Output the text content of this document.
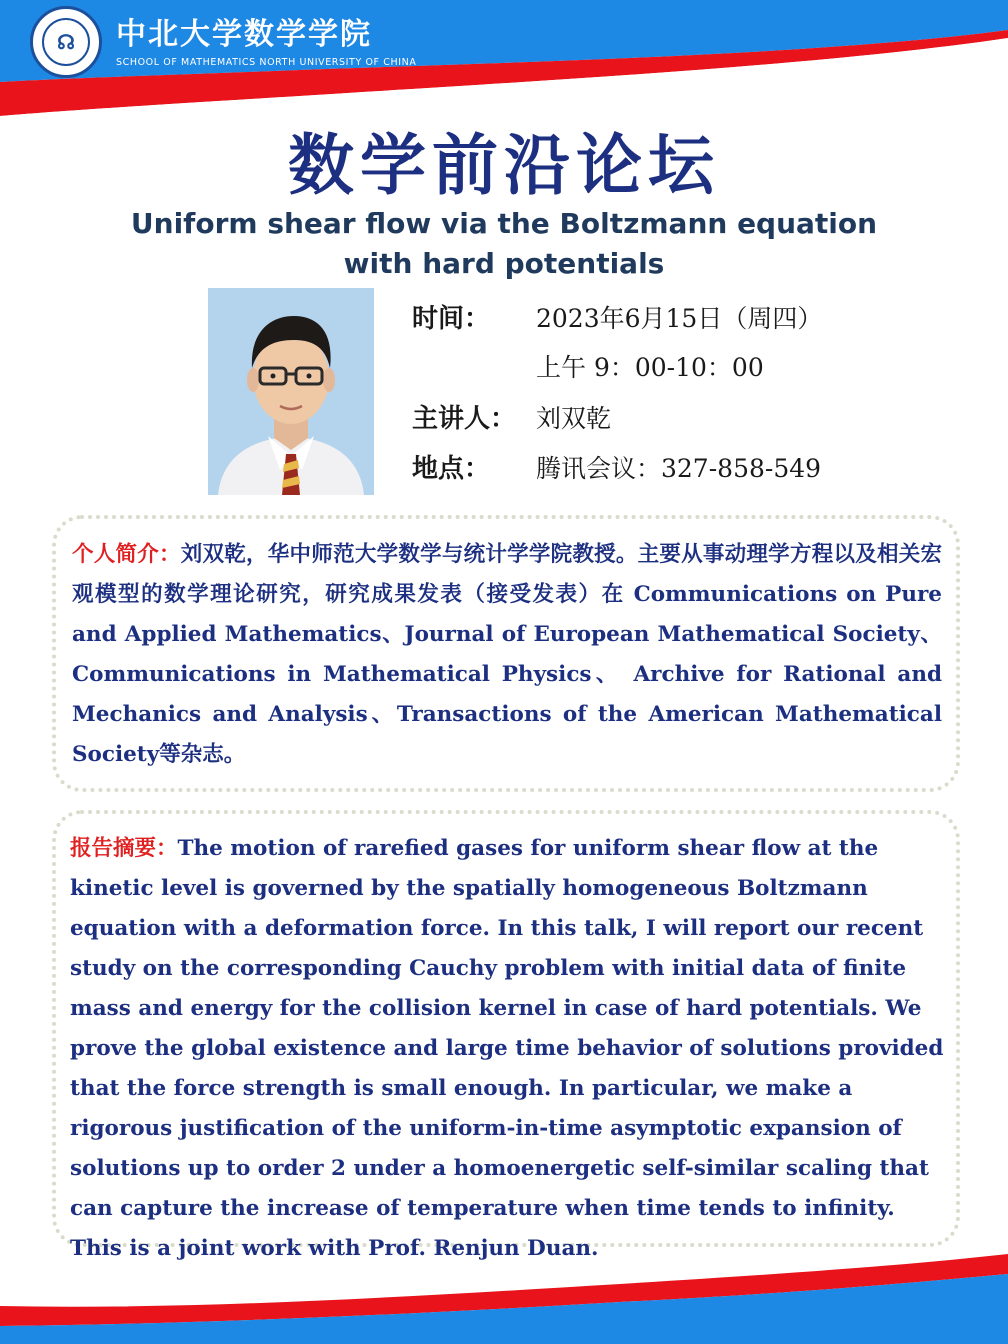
☊	中北大学数学学院
SCHOOL OF MATHEMATICS NORTH UNIVERSITY OF CHINA
数学前沿论坛
Uniform shear flow via the Boltzmann equation with hard potentials
时间：	2023年6月15日（周四）
上午 9：00-10：00
主讲人： 刘双乾
地点：	腾讯会议：327-858-549
个人简介：刘双乾，华中师范大学数学与统计学学院教授。主要从事动理学方程以及相关宏观模型的数学理论研究，研究成果发表（接受发表）在 Communications on Pure and Applied Mathematics、Journal of European Mathematical Society、 Communications in Mathematical Physics、 Archive for Rational and Mechanics and Analysis、Transactions of the American Mathematical Society等杂志。
报告摘要：The motion of rarefied gases for uniform shear flow at the kinetic level is governed by the spatially homogeneous Boltzmann equation with a deformation force. In this talk, I will report our recent study on the corresponding Cauchy problem with initial data of finite mass and energy for the collision kernel in case of hard potentials. We prove the global existence and large time behavior of solutions provided that the force strength is small enough. In particular, we make a rigorous justification of the uniform-in-time asymptotic expansion of solutions up to order 2 under a homoenergetic self-similar scaling that can capture the increase of temperature when time tends to infinity. This is a joint work with Prof. Renjun Duan.
